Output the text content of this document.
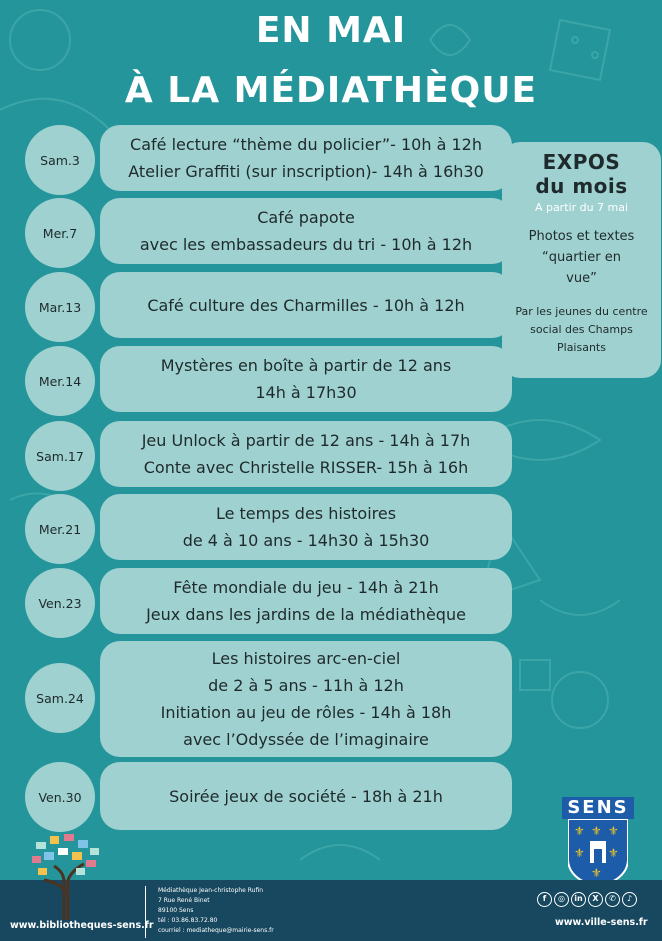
EN MAI
À LA MÉDIATHÈQUE
Sam.3
Café lecture “thème du policier”- 10h à 12h
Atelier Graffiti (sur inscription)- 14h à 16h30
Mer.7
Café papote
avec les embassadeurs du tri - 10h à 12h
Mar.13	Café culture des Charmilles - 10h à 12h
Mer.14
Mystères en boîte à partir de 12 ans
14h à 17h30
Sam.17
Jeu Unlock à partir de 12 ans - 14h à 17h
Conte avec Christelle RISSER- 15h à 16h
Mer.21
Le temps des histoires
de 4 à 10 ans - 14h30 à 15h30
Ven.23
Fête mondiale du jeu - 14h à 21h
Jeux dans les jardins de la médiathèque
Sam.24
Les histoires arc-en-ciel
de 2 à 5 ans - 11h à 12h
Initiation au jeu de rôles - 14h à 18h
avec l’Odyssée de l’imaginaire
Ven.30	Soirée jeux de société - 18h à 21h
EXPOS
du mois
A partir du 7 mai
Photos et textes
“quartier en
vue”
Par les jeunes du centre
social des Champs
Plaisants
SENS
⚜ ⚜ ⚜
⚜ ⚜
⚜
Médiathèque Jean-christophe Rufin
7 Rue René Binet
89100 Sens
tél : 03.86.83.72.80
courriel : mediatheque@mairie-sens.fr
www.bibliotheques-sens.fr
f	◎	in	X	✆	♪
www.ville-sens.fr
